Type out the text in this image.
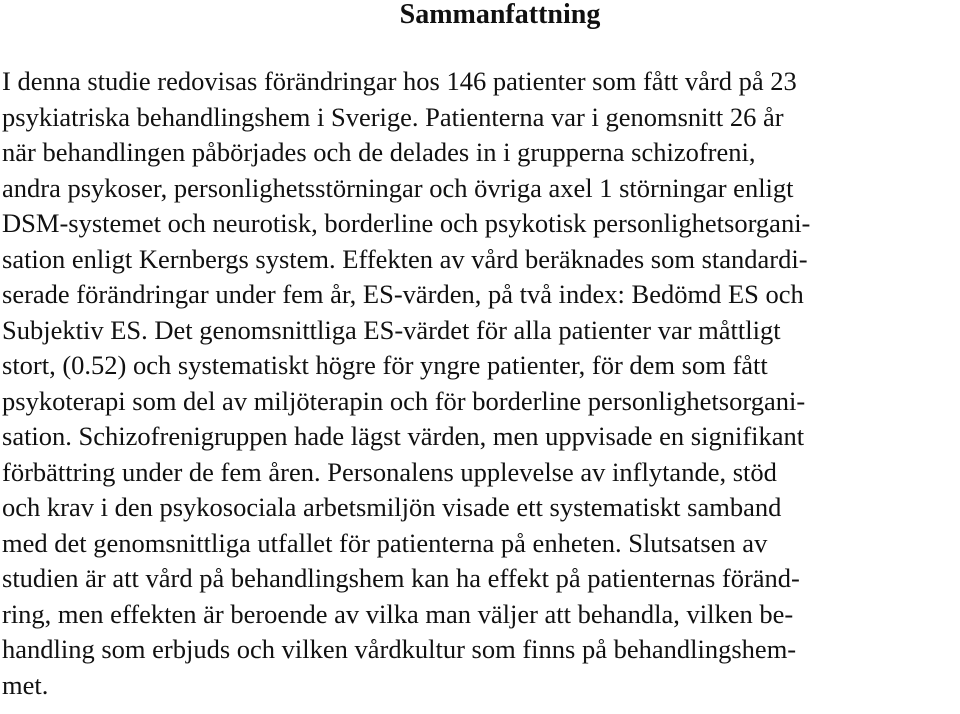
Sammanfattning

I denna studie redovisas förändringar hos 146 patienter som fått vård på 23
psykiatriska behandlingshem i Sverige. Patienterna var i genomsnitt 26 år
när behandlingen påbörjades och de delades in i grupperna schizofreni,
andra psykoser, personlighetsstörningar och övriga axel 1 störningar enligt
DSM-systemet och neurotisk, borderline och psykotisk personlighetsorgani-
sation enligt Kernbergs system. Effekten av vård beräknades som standardi-
serade förändringar under fem år, ES-värden, på två index: Bedömd ES och
Subjektiv ES. Det genomsnittliga ES-värdet för alla patienter var måttligt
stort, (0.52) och systematiskt högre för yngre patienter, för dem som fått
psykoterapi som del av miljöterapin och för borderline personlighetsorgani-
sation. Schizofrenigruppen hade lägst värden, men uppvisade en signifikant
förbättring under de fem åren. Personalens upplevelse av inflytande, stöd
och krav i den psykosociala arbetsmiljön visade ett systematiskt samband
med det genomsnittliga utfallet för patienterna på enheten. Slutsatsen av
studien är att vård på behandlingshem kan ha effekt på patienternas föränd-
ring, men effekten är beroende av vilka man väljer att behandla, vilken be-
handling som erbjuds och vilken vårdkultur som finns på behandlingshem-
met.
